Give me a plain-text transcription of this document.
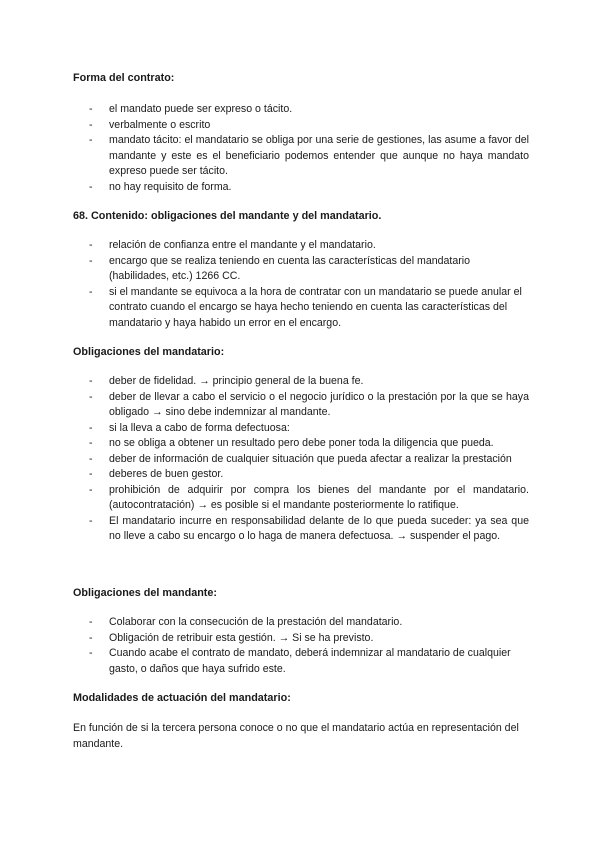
Forma del contrato:
- el mandato puede ser expreso o tácito.
- verbalmente o escrito
- mandato tácito: el mandatario se obliga por una serie de gestiones, las asume a favor del mandante y este es el beneficiario podemos entender que aunque no haya mandato expreso puede ser tácito.
- no hay requisito de forma.
68. Contenido: obligaciones del mandante y del mandatario.
- relación de confianza entre el mandante y el mandatario.
- encargo que se realiza teniendo en cuenta las características del mandatario (habilidades, etc.) 1266 CC.
- si el mandante se equivoca a la hora de contratar con un mandatario se puede anular el contrato cuando el encargo se haya hecho teniendo en cuenta las características del mandatario y haya habido un error en el encargo.
Obligaciones del mandatario:
- deber de fidelidad. → principio general de la buena fe.
- deber de llevar a cabo el servicio o el negocio jurídico o la prestación por la que se haya obligado → sino debe indemnizar al mandante.
- si la lleva a cabo de forma defectuosa:
- no se obliga a obtener un resultado pero debe poner toda la diligencia que pueda.
- deber de información de cualquier situación que pueda afectar a realizar la prestación
- deberes de buen gestor.
- prohibición de adquirir por compra los bienes del mandante por el mandatario. (autocontratación) → es posible si el mandante posteriormente lo ratifique.
- El mandatario incurre en responsabilidad delante de lo que pueda suceder: ya sea que no lleve a cabo su encargo o lo haga de manera defectuosa. → suspender el pago.
Obligaciones del mandante:
- Colaborar con la consecución de la prestación del mandatario.
- Obligación de retribuir esta gestión. → Si se ha previsto.
- Cuando acabe el contrato de mandato, deberá indemnizar al mandatario de cualquier gasto, o daños que haya sufrido este.
Modalidades de actuación del mandatario:

En función de si la tercera persona conoce o no que el mandatario actúa en representación del mandante.
